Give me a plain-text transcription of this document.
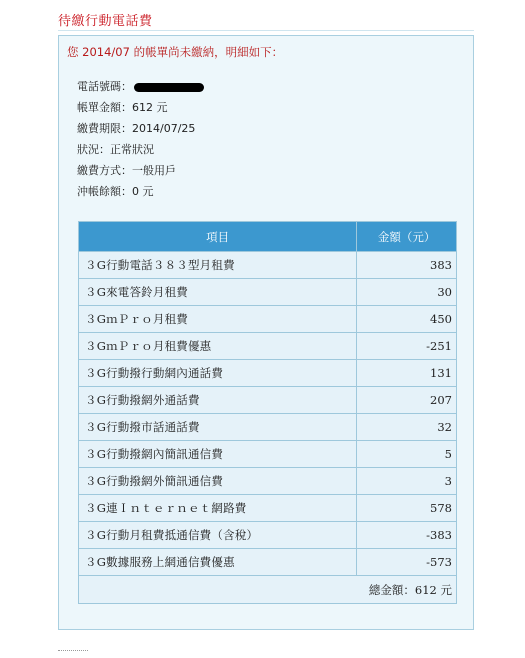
待繳行動電話費
您 2014/07 的帳單尚未繳納，明細如下：
電話號碼：
帳單金額：612 元
繳費期限：2014/07/25
狀況：正常狀況
繳費方式：一般用戶
沖帳餘額：0 元
項目	金額（元）
３G行動電話３８３型月租費	383
３G來電答鈴月租費	30
３GｍＰｒｏ月租費	450
３GｍＰｒｏ月租費優惠	-251
３G行動撥行動網內通話費	131
３G行動撥網外通話費	207
３G行動撥市話通話費	32
３G行動撥網內簡訊通信費	5
３G行動撥網外簡訊通信費	3
３G連Ｉｎｔｅｒｎｅｔ網路費	578
３G行動月租費抵通信費（含稅）	-383
３G數據服務上網通信費優惠	-573
總金額：612 元	
